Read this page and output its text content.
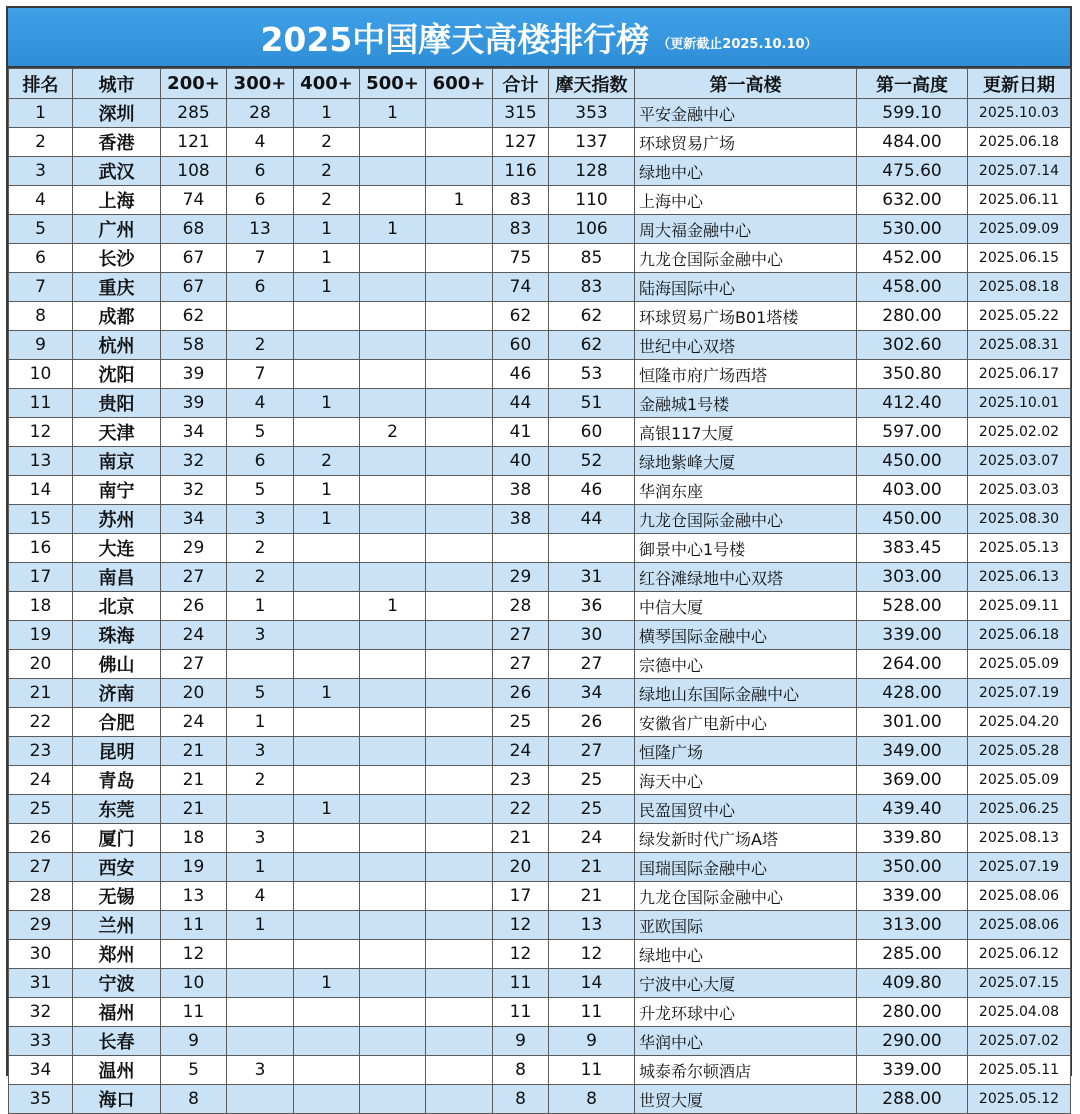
2025中国摩天高楼排行榜 （更新截止2025.10.10）
排名	城市	200+	300+	400+	500+	600+	合计	摩天指数	第一高楼	第一高度	更新日期
1	深圳	285	28	1	1		315	353	平安金融中心	599.10	2025.10.03
2	香港	121	4	2			127	137	环球贸易广场	484.00	2025.06.18
3	武汉	108	6	2			116	128	绿地中心	475.60	2025.07.14
4	上海	74	6	2		1	83	110	上海中心	632.00	2025.06.11
5	广州	68	13	1	1		83	106	周大福金融中心	530.00	2025.09.09
6	长沙	67	7	1			75	85	九龙仓国际金融中心	452.00	2025.06.15
7	重庆	67	6	1			74	83	陆海国际中心	458.00	2025.08.18
8	成都	62					62	62	环球贸易广场B01塔楼	280.00	2025.05.22
9	杭州	58	2				60	62	世纪中心双塔	302.60	2025.08.31
10	沈阳	39	7				46	53	恒隆市府广场西塔	350.80	2025.06.17
11	贵阳	39	4	1			44	51	金融城1号楼	412.40	2025.10.01
12	天津	34	5		2		41	60	高银117大厦	597.00	2025.02.02
13	南京	32	6	2			40	52	绿地紫峰大厦	450.00	2025.03.07
14	南宁	32	5	1			38	46	华润东座	403.00	2025.03.03
15	苏州	34	3	1			38	44	九龙仓国际金融中心	450.00	2025.08.30
16	大连	29	2						御景中心1号楼	383.45	2025.05.13
17	南昌	27	2				29	31	红谷滩绿地中心双塔	303.00	2025.06.13
18	北京	26	1		1		28	36	中信大厦	528.00	2025.09.11
19	珠海	24	3				27	30	横琴国际金融中心	339.00	2025.06.18
20	佛山	27					27	27	宗德中心	264.00	2025.05.09
21	济南	20	5	1			26	34	绿地山东国际金融中心	428.00	2025.07.19
22	合肥	24	1				25	26	安徽省广电新中心	301.00	2025.04.20
23	昆明	21	3				24	27	恒隆广场	349.00	2025.05.28
24	青岛	21	2				23	25	海天中心	369.00	2025.05.09
25	东莞	21		1			22	25	民盈国贸中心	439.40	2025.06.25
26	厦门	18	3				21	24	绿发新时代广场A塔	339.80	2025.08.13
27	西安	19	1				20	21	国瑞国际金融中心	350.00	2025.07.19
28	无锡	13	4				17	21	九龙仓国际金融中心	339.00	2025.08.06
29	兰州	11	1				12	13	亚欧国际	313.00	2025.08.06
30	郑州	12					12	12	绿地中心	285.00	2025.06.12
31	宁波	10		1			11	14	宁波中心大厦	409.80	2025.07.15
32	福州	11					11	11	升龙环球中心	280.00	2025.04.08
33	长春	9					9	9	华润中心	290.00	2025.07.02
34	温州	5	3				8	11	城泰希尔顿酒店	339.00	2025.05.11
35	海口	8					8	8	世贸大厦	288.00	2025.05.12
